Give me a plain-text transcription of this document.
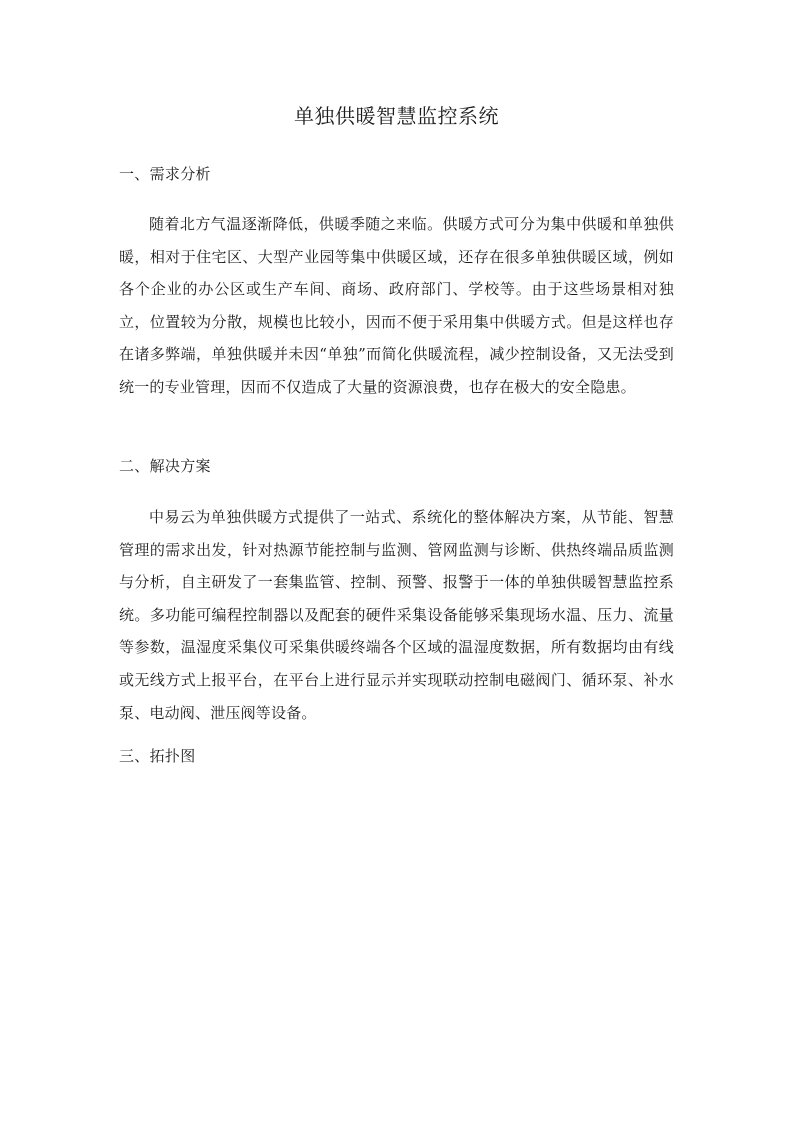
单独供暖智慧监控系统
一、需求分析

随着北方气温逐渐降低，供暖季随之来临。供暖方式可分为集中供暖和单独供暖，相对于住宅区、大型产业园等集中供暖区域，还存在很多单独供暖区域，例如各个企业的办公区或生产车间、商场、政府部门、学校等。由于这些场景相对独立，位置较为分散，规模也比较小，因而不便于采用集中供暖方式。但是这样也存在诸多弊端，单独供暖并未因“单独”而简化供暖流程，减少控制设备，又无法受到统一的专业管理，因而不仅造成了大量的资源浪费，也存在极大的安全隐患。

二、解决方案

中易云为单独供暖方式提供了一站式、系统化的整体解决方案，从节能、智慧管理的需求出发，针对热源节能控制与监测、管网监测与诊断、供热终端品质监测与分析，自主研发了一套集监管、控制、预警、报警于一体的单独供暖智慧监控系统。多功能可编程控制器以及配套的硬件采集设备能够采集现场水温、压力、流量等参数，温湿度采集仪可采集供暖终端各个区域的温湿度数据，所有数据均由有线或无线方式上报平台，在平台上进行显示并实现联动控制电磁阀门、循环泵、补水泵、电动阀、泄压阀等设备。

三、拓扑图
